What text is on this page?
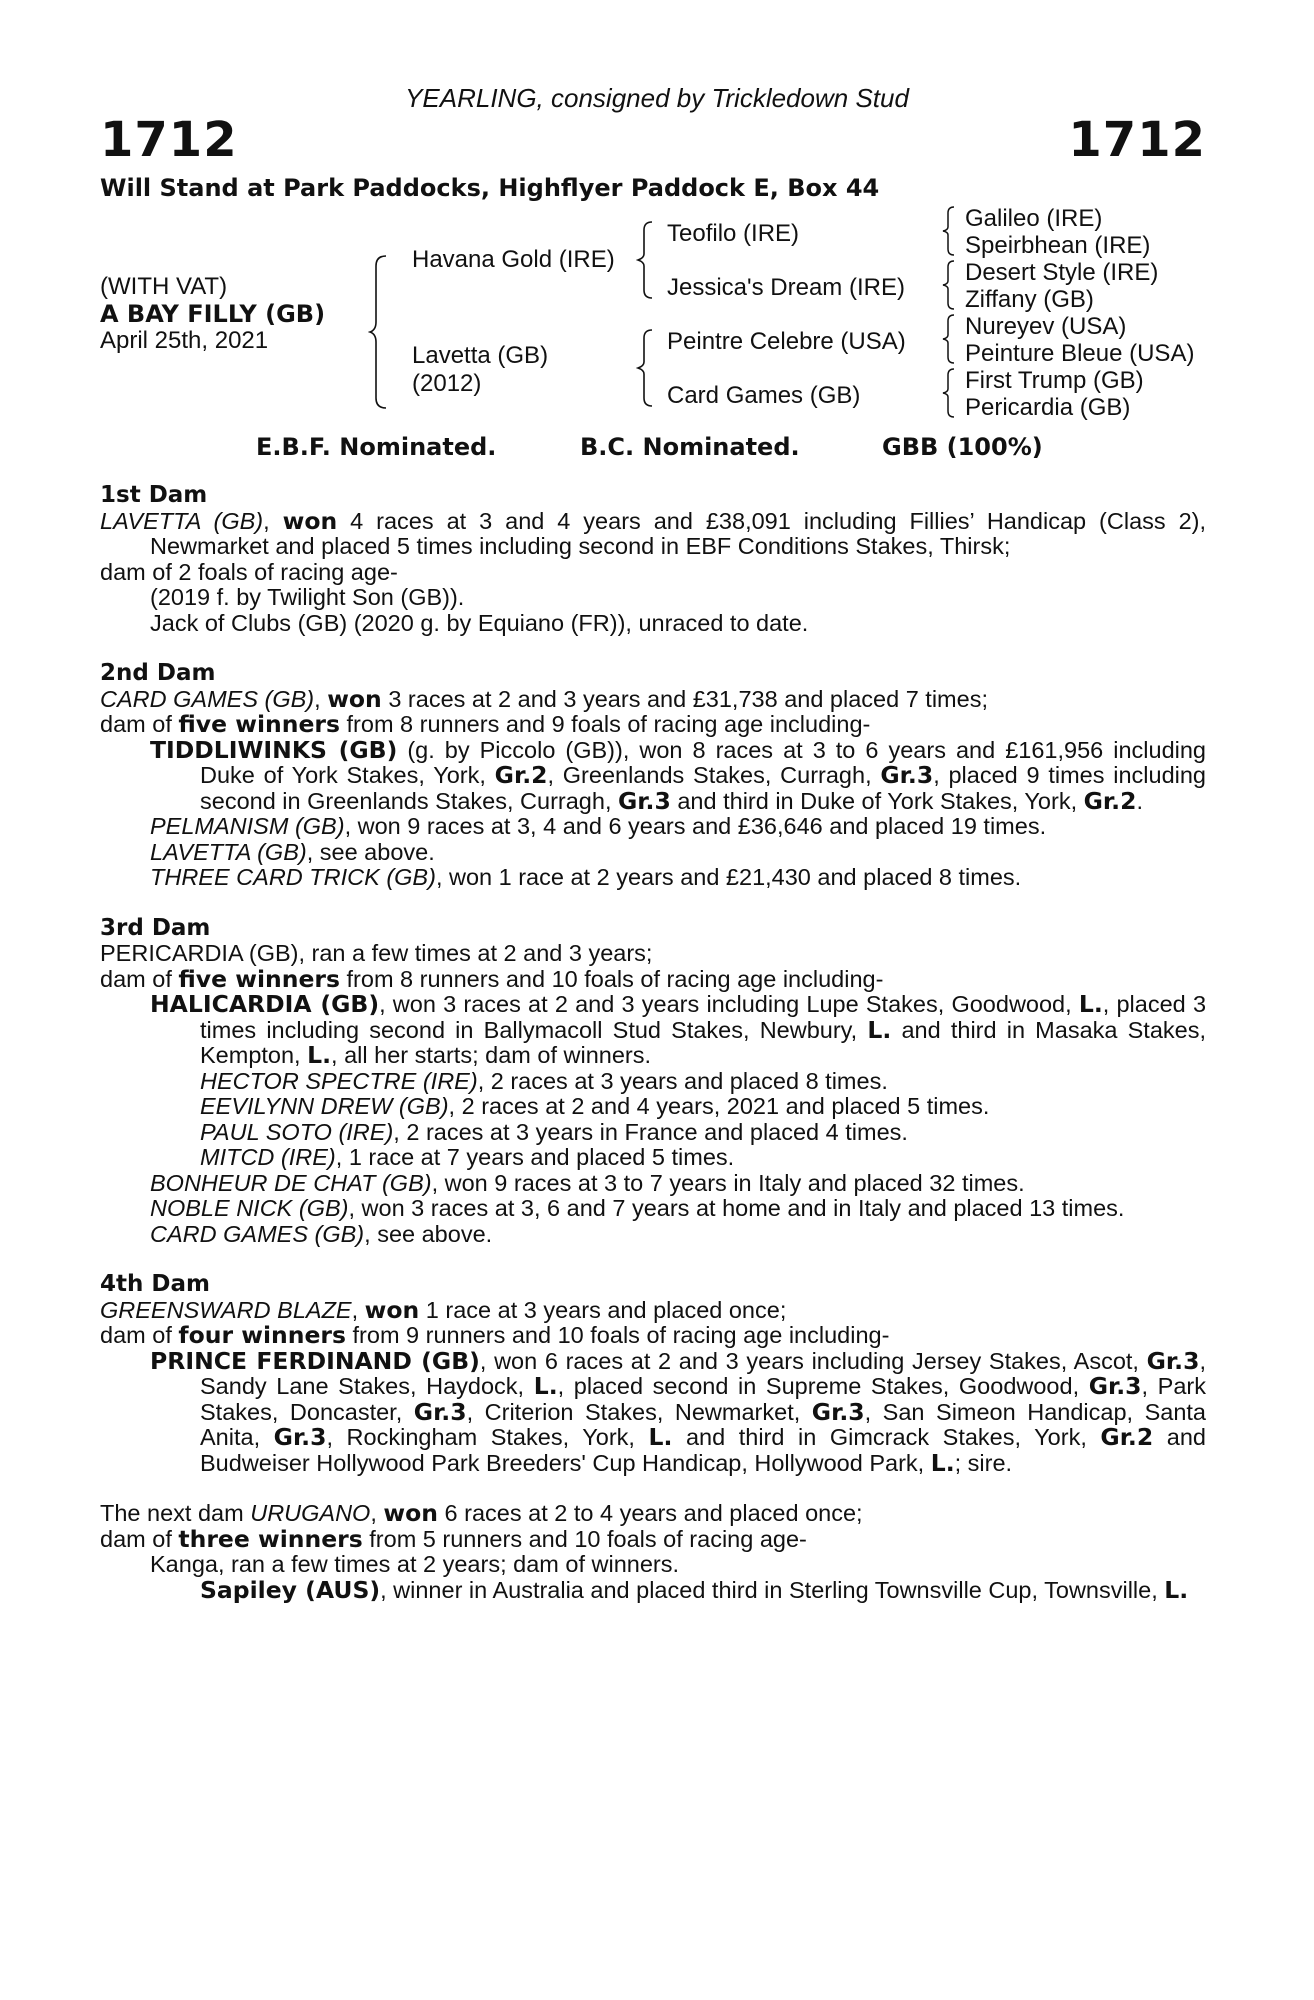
YEARLING, consigned by Trickledown Stud
1712	1712
Will Stand at Park Paddocks, Highflyer Paddock E, Box 44
(WITH VAT)
A BAY FILLY (GB)
April 25th, 2021
Havana Gold (IRE)
Lavetta (GB)
(2012)
Teofilo (IRE)
Jessica's Dream (IRE)
Peintre Celebre (USA)
Card Games (GB)
Galileo (IRE)
Speirbhean (IRE)
Desert Style (IRE)
Ziffany (GB)
Nureyev (USA)
Peinture Bleue (USA)
First Trump (GB)
Pericardia (GB)
E.B.F. Nominated.	B.C. Nominated.	GBB (100%)
1st Dam
LAVETTA (GB), won 4 races at 3 and 4 years and £38,091 including Fillies’ Handicap (Class 2), Newmarket and placed 5 times including second in EBF Conditions Stakes, Thirsk;
dam of 2 foals of racing age-
(2019 f. by Twilight Son (GB)).
Jack of Clubs (GB) (2020 g. by Equiano (FR)), unraced to date.
2nd Dam
CARD GAMES (GB), won 3 races at 2 and 3 years and £31,738 and placed 7 times;
dam of five winners from 8 runners and 9 foals of racing age including-
TIDDLIWINKS (GB) (g. by Piccolo (GB)), won 8 races at 3 to 6 years and £161,956 including Duke of York Stakes, York, Gr.2, Greenlands Stakes, Curragh, Gr.3, placed 9 times including second in Greenlands Stakes, Curragh, Gr.3 and third in Duke of York Stakes, York, Gr.2.
PELMANISM (GB), won 9 races at 3, 4 and 6 years and £36,646 and placed 19 times.
LAVETTA (GB), see above.
THREE CARD TRICK (GB), won 1 race at 2 years and £21,430 and placed 8 times.
3rd Dam
PERICARDIA (GB), ran a few times at 2 and 3 years;
dam of five winners from 8 runners and 10 foals of racing age including-
HALICARDIA (GB), won 3 races at 2 and 3 years including Lupe Stakes, Goodwood, L., placed 3 times including second in Ballymacoll Stud Stakes, Newbury, L. and third in Masaka Stakes, Kempton, L., all her starts; dam of winners.
HECTOR SPECTRE (IRE), 2 races at 3 years and placed 8 times.
EEVILYNN DREW (GB), 2 races at 2 and 4 years, 2021 and placed 5 times.
PAUL SOTO (IRE), 2 races at 3 years in France and placed 4 times.
MITCD (IRE), 1 race at 7 years and placed 5 times.
BONHEUR DE CHAT (GB), won 9 races at 3 to 7 years in Italy and placed 32 times.
NOBLE NICK (GB), won 3 races at 3, 6 and 7 years at home and in Italy and placed 13 times.
CARD GAMES (GB), see above.
4th Dam
GREENSWARD BLAZE, won 1 race at 3 years and placed once;
dam of four winners from 9 runners and 10 foals of racing age including-
PRINCE FERDINAND (GB), won 6 races at 2 and 3 years including Jersey Stakes, Ascot, Gr.3, Sandy Lane Stakes, Haydock, L., placed second in Supreme Stakes, Goodwood, Gr.3, Park Stakes, Doncaster, Gr.3, Criterion Stakes, Newmarket, Gr.3, San Simeon Handicap, Santa Anita, Gr.3, Rockingham Stakes, York, L. and third in Gimcrack Stakes, York, Gr.2 and Budweiser Hollywood Park Breeders' Cup Handicap, Hollywood Park, L.; sire.
The next dam URUGANO, won 6 races at 2 to 4 years and placed once;
dam of three winners from 5 runners and 10 foals of racing age-
Kanga, ran a few times at 2 years; dam of winners.
Sapiley (AUS), winner in Australia and placed third in Sterling Townsville Cup, Townsville, L.
